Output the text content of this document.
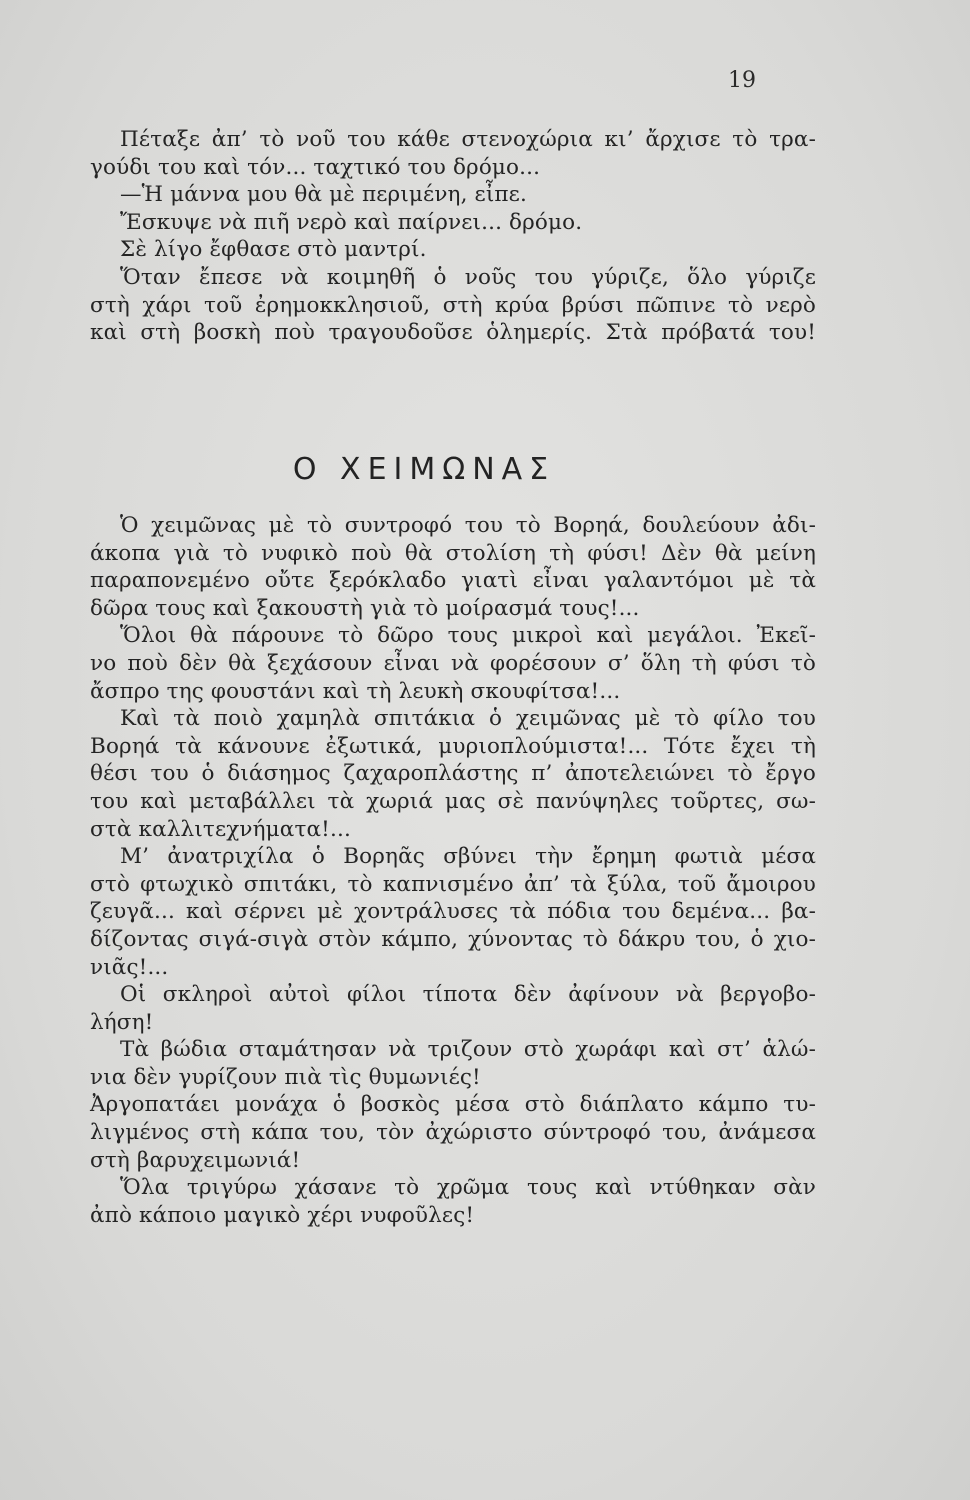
19
Πέταξε ἀπ’ τὸ νοῦ του κάθε στενοχώρια κι’ ἄρχισε τὸ τρα-
γούδι του καὶ τόν... ταχτικό του δρόμο...
—Ἡ μάννα μου θὰ μὲ περιμένη, εἶπε.
Ἔσκυψε νὰ πιῆ νερὸ καὶ παίρνει... δρόμο.
Σὲ λίγο ἔφθασε στὸ μαντρί.
Ὅταν ἔπεσε νὰ κοιμηθῆ ὁ νοῦς του γύριζε, ὅλο γύριζε
στὴ χάρι τοῦ ἐρημοκκλησιοῦ, στὴ κρύα βρύσι πῶπινε τὸ νερὸ
καὶ στὴ βοσκὴ ποὺ τραγουδοῦσε ὁλημερίς. Στὰ πρόβατά του!
Ο ΧΕΙΜΩΝΑΣ
Ὁ χειμῶνας μὲ τὸ συντροφό του τὸ Βορηά, δουλεύουν ἀδι-
άκοπα γιὰ τὸ νυφικὸ ποὺ θὰ στολίση τὴ φύσι! Δὲν θὰ μείνη
παραπονεμένο οὔτε ξερόκλαδο γιατὶ εἶναι γαλαντόμοι μὲ τὰ
δῶρα τους καὶ ξακουστὴ γιὰ τὸ μοίρασμά τους!...
Ὅλοι θὰ πάρουνε τὸ δῶρο τους μικροὶ καὶ μεγάλοι. Ἐκεῖ-
νο ποὺ δὲν θὰ ξεχάσουν εἶναι νὰ φορέσουν σ’ ὅλη τὴ φύσι τὸ
ἄσπρο της φουστάνι καὶ τὴ λευκὴ σκουφίτσα!...
Καὶ τὰ ποιὸ χαμηλὰ σπιτάκια ὁ χειμῶνας μὲ τὸ φίλο του
Βορηά τὰ κάνουνε ἐξωτικά, μυριοπλούμιστα!... Τότε ἔχει τὴ
θέσι του ὁ διάσημος ζαχαροπλάστης π’ ἀποτελειώνει τὸ ἔργο
του καὶ μεταβάλλει τὰ χωριά μας σὲ πανύψηλες τοῦρτες, σω-
στὰ καλλιτεχνήματα!...
Μ’ ἀνατριχίλα ὁ Βορηᾶς σβύνει τὴν ἔρημη φωτιὰ μέσα
στὸ φτωχικὸ σπιτάκι, τὸ καπνισμένο ἀπ’ τὰ ξύλα, τοῦ ἄμοιρου
ζευγᾶ... καὶ σέρνει μὲ χοντράλυσες τὰ πόδια του δεμένα... βα-
δίζοντας σιγά-σιγὰ στὸν κάμπο, χύνοντας τὸ δάκρυ του, ὁ χιο-
νιᾶς!...
Οἱ σκληροὶ αὐτοὶ φίλοι τίποτα δὲν ἀφίνουν νὰ βεργοβο-
λήση!
Τὰ βώδια σταμάτησαν νὰ τριζουν στὸ χωράφι καὶ στ’ ἁλώ-
νια δὲν γυρίζουν πιὰ τὶς θυμωνιές!
Ἀργοπατάει μονάχα ὁ βοσκὸς μέσα στὸ διάπλατο κάμπο τυ-
λιγμένος στὴ κάπα του, τὸν ἀχώριστο σύντροφό του, ἀνάμεσα
στὴ βαρυχειμωνιά!
Ὅλα τριγύρω χάσανε τὸ χρῶμα τους καὶ ντύθηκαν σὰν
ἀπὸ κάποιο μαγικὸ χέρι νυφοῦλες!
